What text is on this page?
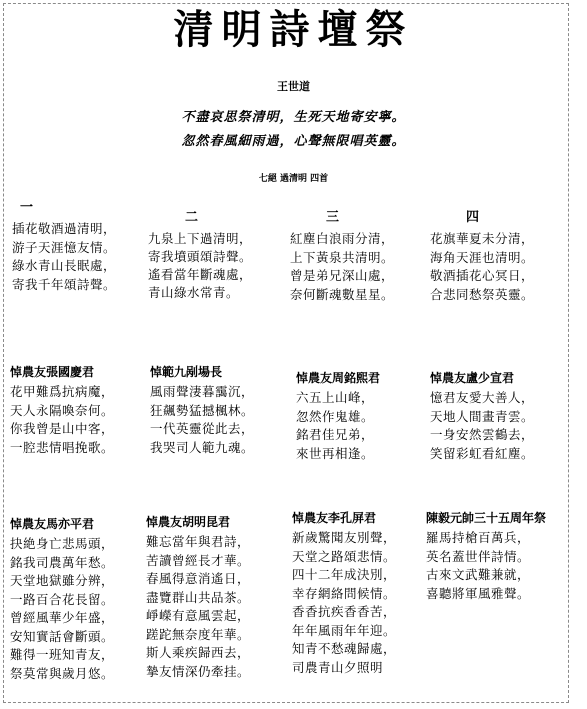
清明詩壇祭
王世道
不盡哀思祭清明，生死天地寄安寧。
忽然春風細雨過，心聲無限唱英靈。
七絕 過清明 四首
一
插花敬酒過清明，
游子天涯憶友情。
綠水青山長眠處，
寄我千年頌詩聲。
二
九泉上下過清明，
寄我墳頭頌詩聲。
遙看當年斷魂處，
青山綠水常青。
三
紅塵白浪雨分清，
上下黃泉共清明。
曾是弟兄深山處，
奈何斷魂數星星。
四
花旗華夏未分清，
海角天涯也清明。
敬酒插花心冥日，
合悲同愁祭英靈。
悼農友張國慶君
花甲難爲抗病魔，
天人永隔喚奈何。
你我曾是山中客，
一腔悲情唱挽歌。
悼範九剐場長
風雨聲淒暮靄沉，
狂飆勢猛撼楓林。
一代英靈從此去，
我哭司人範九魂。
悼農友周銘熙君
六五上山峰，
忽然作鬼雄。
銘君佳兄弟，
來世再相逢。
悼農友盧少宣君
憶君友愛大善人，
天地人間畫青雲。
一身安然雲鶴去，
笑留彩虹看紅塵。
悼農友馬亦平君
抉絶身亡悲馬頭，
銘我司農萬年愁。
天堂地獄雖分辨，
一路百合花長留。
曾經風華少年盛，
安知實話會斷頭。
難得一班知青友，
祭莫常與歲月悠。
悼農友胡明昆君
難忘當年與君詩，
苦讀曾經長才華。
春風得意消遙日，
盡覽群山共品茶。
崢嶸有意風雲起，
蹉跎無奈度年華。
斯人乘疾歸西去，
摯友情深仍牽挂。
悼農友李孔屏君
新歲驚聞友別聲，
天堂之路頌悲情。
四十二年成決別，
幸存網絡問候情。
香香抗疾香香苦，
年年風雨年年迎。
知青不愁魂歸處，
司農青山夕照明
陳毅元帥三十五周年祭
羅馬持槍百萬兵，
英名蓋世伴詩情。
古來文武難兼就，
喜聽將軍風雅聲。
